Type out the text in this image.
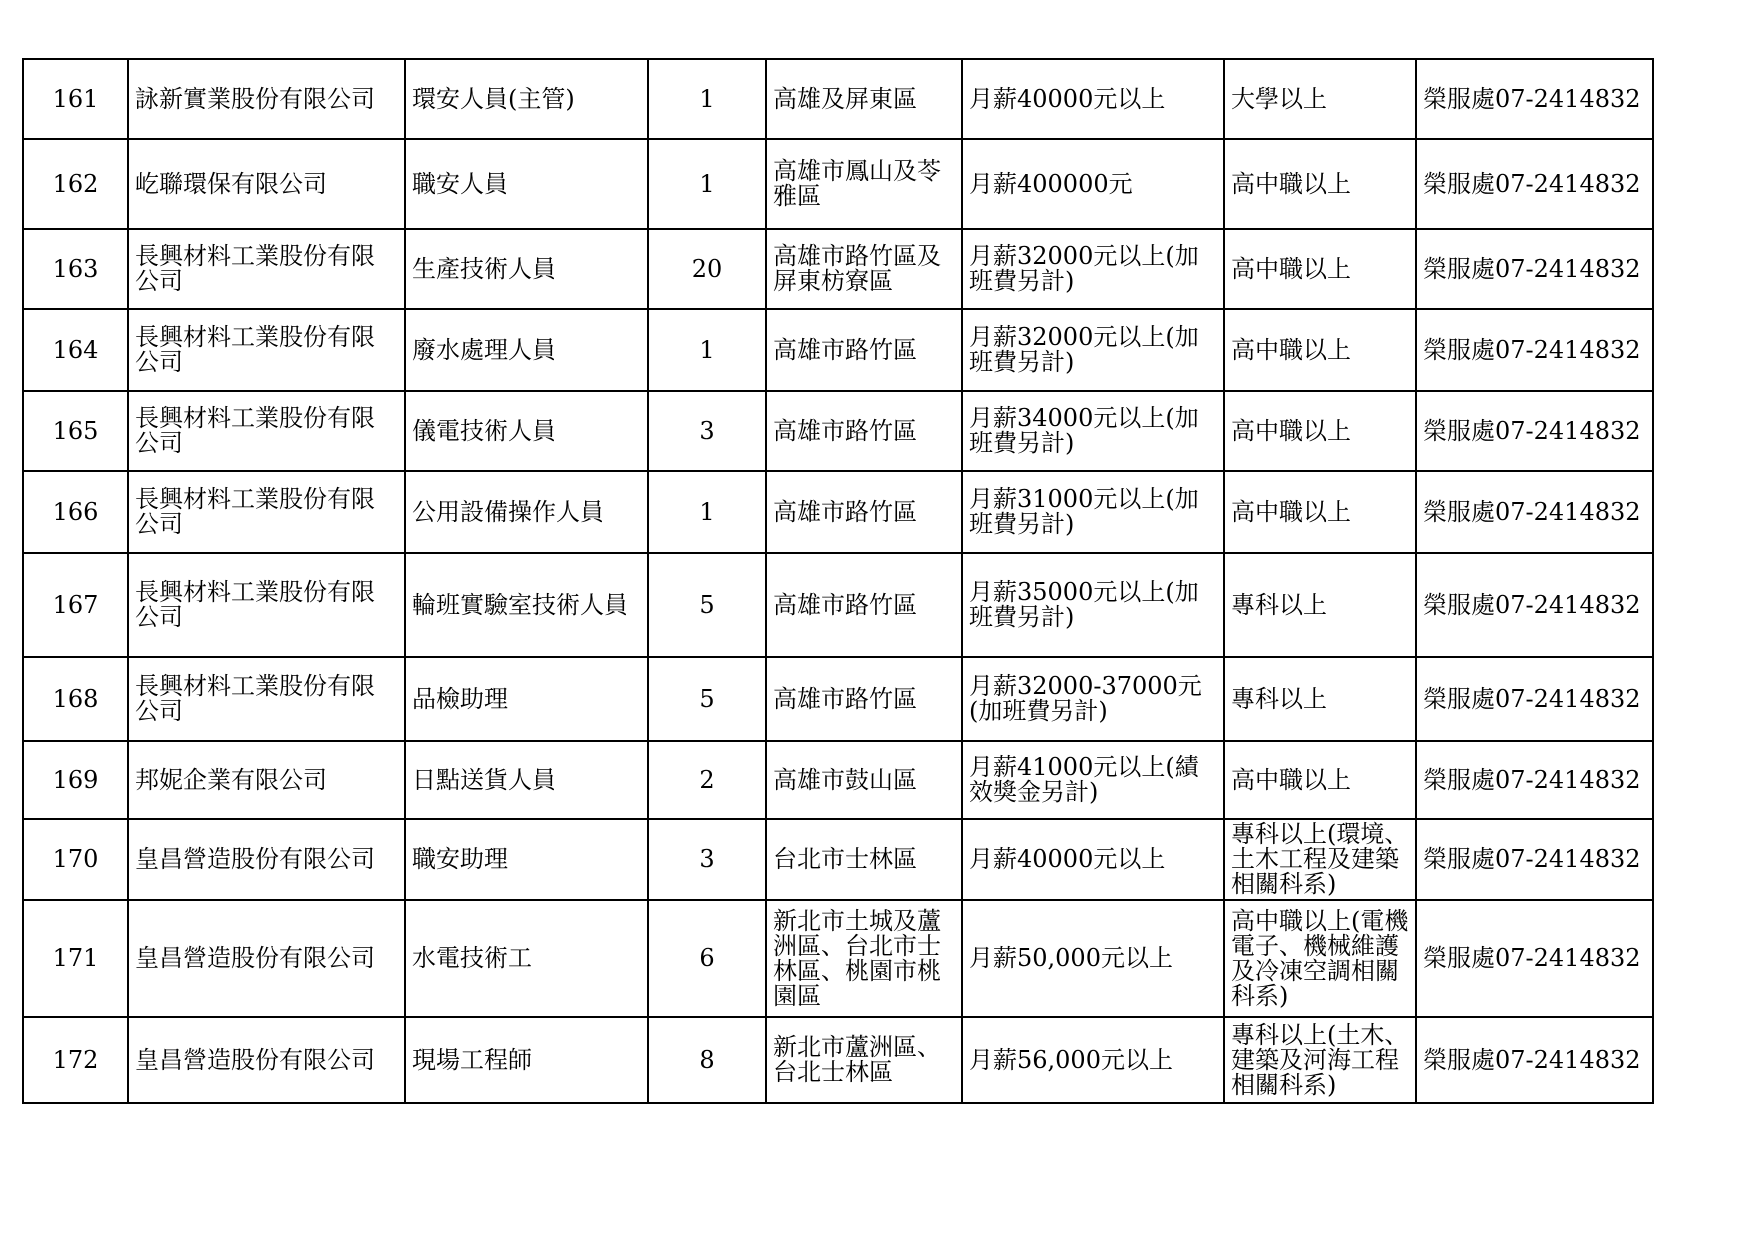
161	詠新實業股份有限公司	環安人員(主管)	1	高雄及屏東區	月薪40000元以上	大學以上	榮服處07-2414832
162	屹聯環保有限公司	職安人員	1	高雄市鳳山及苓雅區	月薪400000元	高中職以上	榮服處07-2414832
163	長興材料工業股份有限公司	生產技術人員	20	高雄市路竹區及屏東枋寮區	月薪32000元以上(加班費另計)	高中職以上	榮服處07-2414832
164	長興材料工業股份有限公司	廢水處理人員	1	高雄市路竹區	月薪32000元以上(加班費另計)	高中職以上	榮服處07-2414832
165	長興材料工業股份有限公司	儀電技術人員	3	高雄市路竹區	月薪34000元以上(加班費另計)	高中職以上	榮服處07-2414832
166	長興材料工業股份有限公司	公用設備操作人員	1	高雄市路竹區	月薪31000元以上(加班費另計)	高中職以上	榮服處07-2414832
167	長興材料工業股份有限公司	輪班實驗室技術人員	5	高雄市路竹區	月薪35000元以上(加班費另計)	專科以上	榮服處07-2414832
168	長興材料工業股份有限公司	品檢助理	5	高雄市路竹區	月薪32000-37000元(加班費另計)	專科以上	榮服處07-2414832
169	邦妮企業有限公司	日點送貨人員	2	高雄市鼓山區	月薪41000元以上(績效獎金另計)	高中職以上	榮服處07-2414832
170	皇昌營造股份有限公司	職安助理	3	台北市士林區	月薪40000元以上	專科以上(環境、土木工程及建築相關科系)	榮服處07-2414832
171	皇昌營造股份有限公司	水電技術工	6	新北市土城及蘆洲區、台北市士林區、桃園市桃園區	月薪50,000元以上	高中職以上(電機電子、機械維護及冷凍空調相關科系)	榮服處07-2414832
172	皇昌營造股份有限公司	現場工程師	8	新北市蘆洲區、台北士林區	月薪56,000元以上	專科以上(土木、建築及河海工程相關科系)	榮服處07-2414832
